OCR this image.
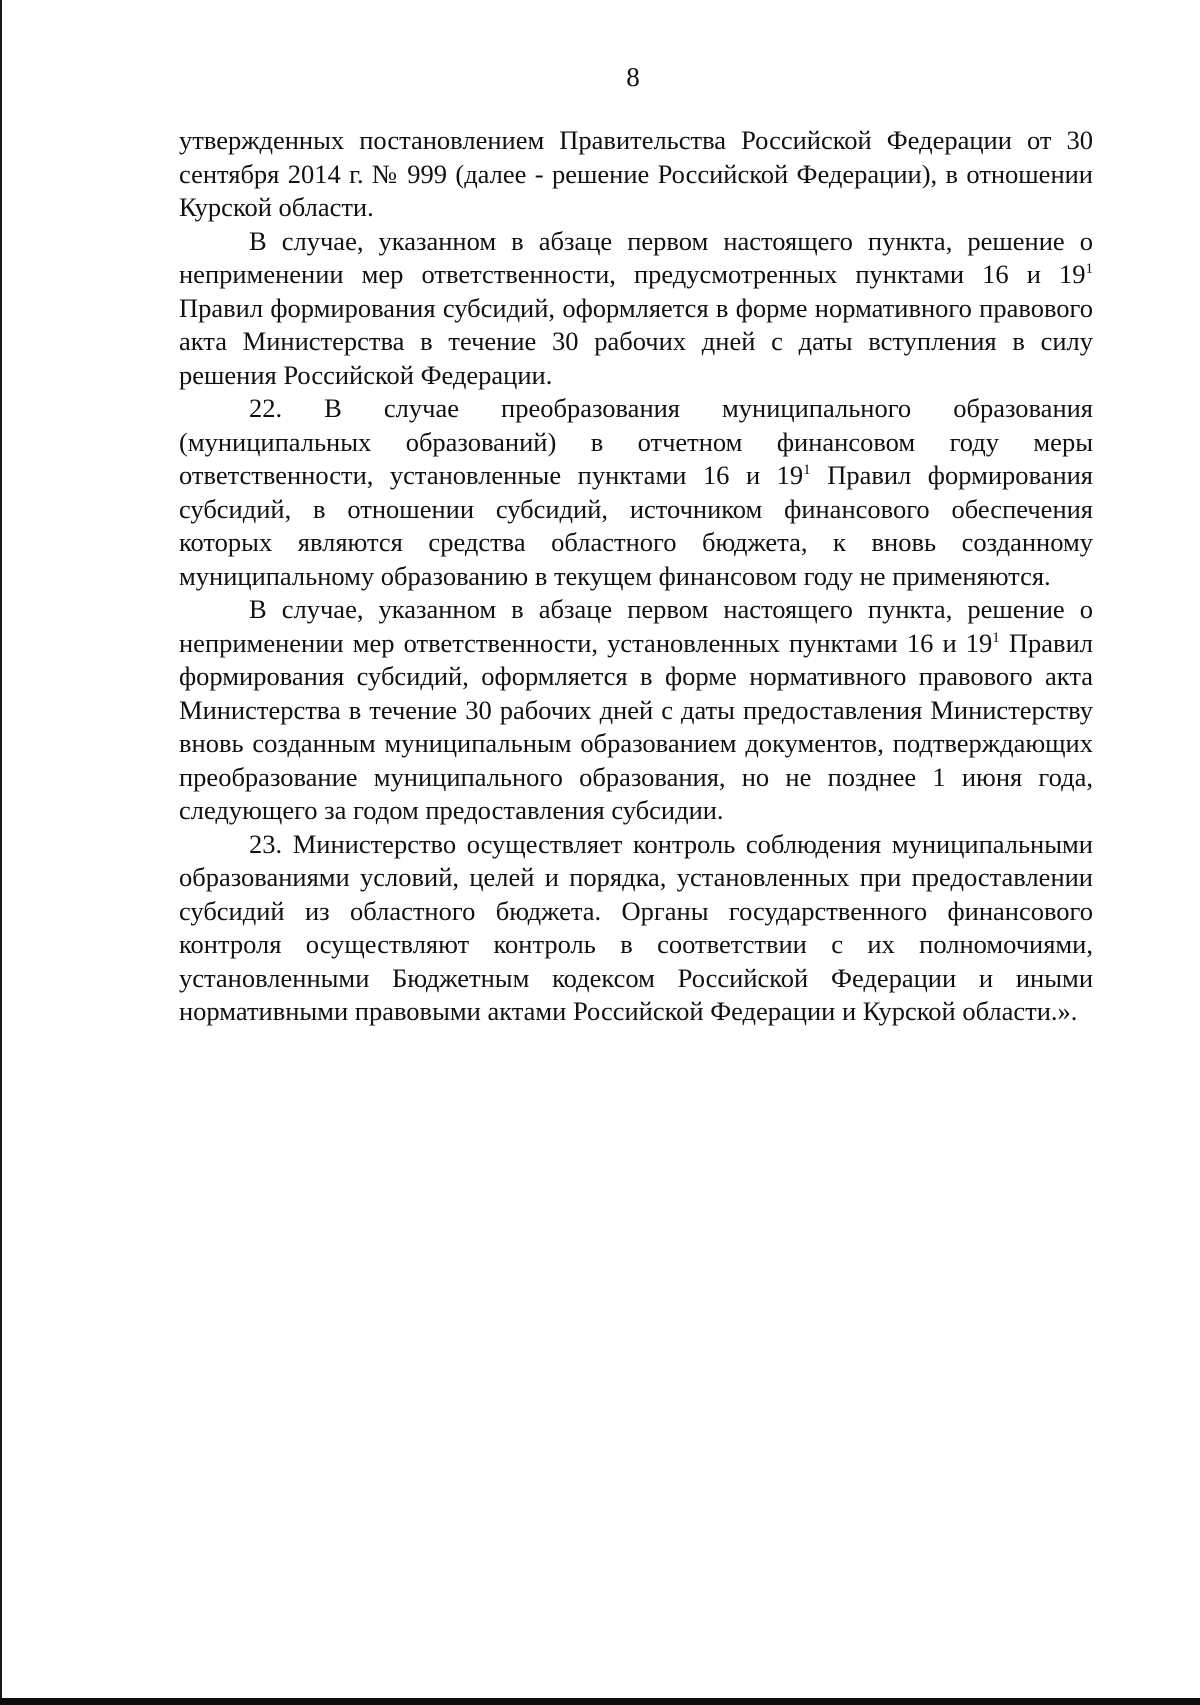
8

утвержденных постановлением Правительства Российской Федерации от 30 сентября 2014 г. № 999 (далее - решение Российской Федерации), в отношении Курской области.

В случае, указанном в абзаце первом настоящего пункта, решение о неприменении мер ответственности, предусмотренных пунктами 16 и $19^1$ Правил формирования субсидий, оформляется в форме нормативного правового акта Министерства в течение 30 рабочих дней с даты вступления в силу решения Российской Федерации.

22. В случае преобразования муниципального образования (муниципальных образований) в отчетном финансовом году меры ответственности, установленные пунктами 16 и $19^1$ Правил формирования субсидий, в отношении субсидий, источником финансового обеспечения которых являются средства областного бюджета, к вновь созданному муниципальному образованию в текущем финансовом году не применяются.

В случае, указанном в абзаце первом настоящего пункта, решение о неприменении мер ответственности, установленных пунктами 16 и $19^1$ Правил формирования субсидий, оформляется в форме нормативного правового акта Министерства в течение 30 рабочих дней с даты предоставления Министерству вновь созданным муниципальным образованием документов, подтверждающих преобразование муниципального образования, но не позднее 1 июня года, следующего за годом предоставления субсидии.

23. Министерство осуществляет контроль соблюдения муниципальными образованиями условий, целей и порядка, установленных при предоставлении субсидий из областного бюджета. Органы государственного финансового контроля осуществляют контроль в соответствии с их полномочиями, установленными Бюджетным кодексом Российской Федерации и иными нормативными правовыми актами Российской Федерации и Курской области.».
